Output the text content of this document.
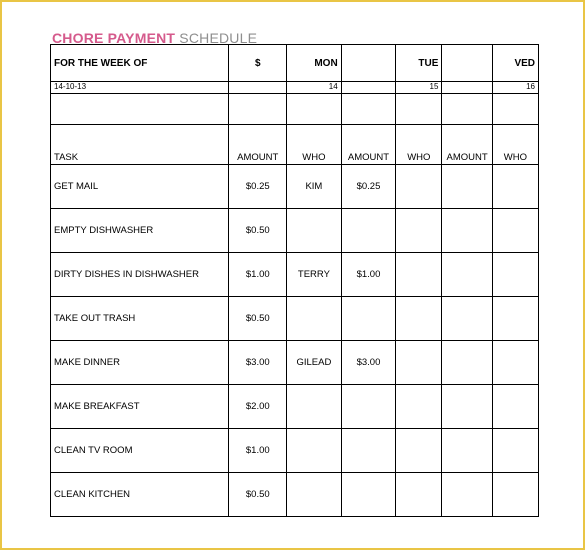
CHORE PAYMENT SCHEDULE
FOR THE WEEK OF	$	MON		TUE		VED
14-10-13		14		15		16

TASK	AMOUNT	WHO	AMOUNT	WHO	AMOUNT	WHO
GET MAIL	$0.25	KIM	$0.25			
EMPTY DISHWASHER	$0.50					
DIRTY DISHES IN DISHWASHER	$1.00	TERRY	$1.00			
TAKE OUT TRASH	$0.50					
MAKE DINNER	$3.00	GILEAD	$3.00			
MAKE BREAKFAST	$2.00					
CLEAN TV ROOM	$1.00					
CLEAN KITCHEN	$0.50					
